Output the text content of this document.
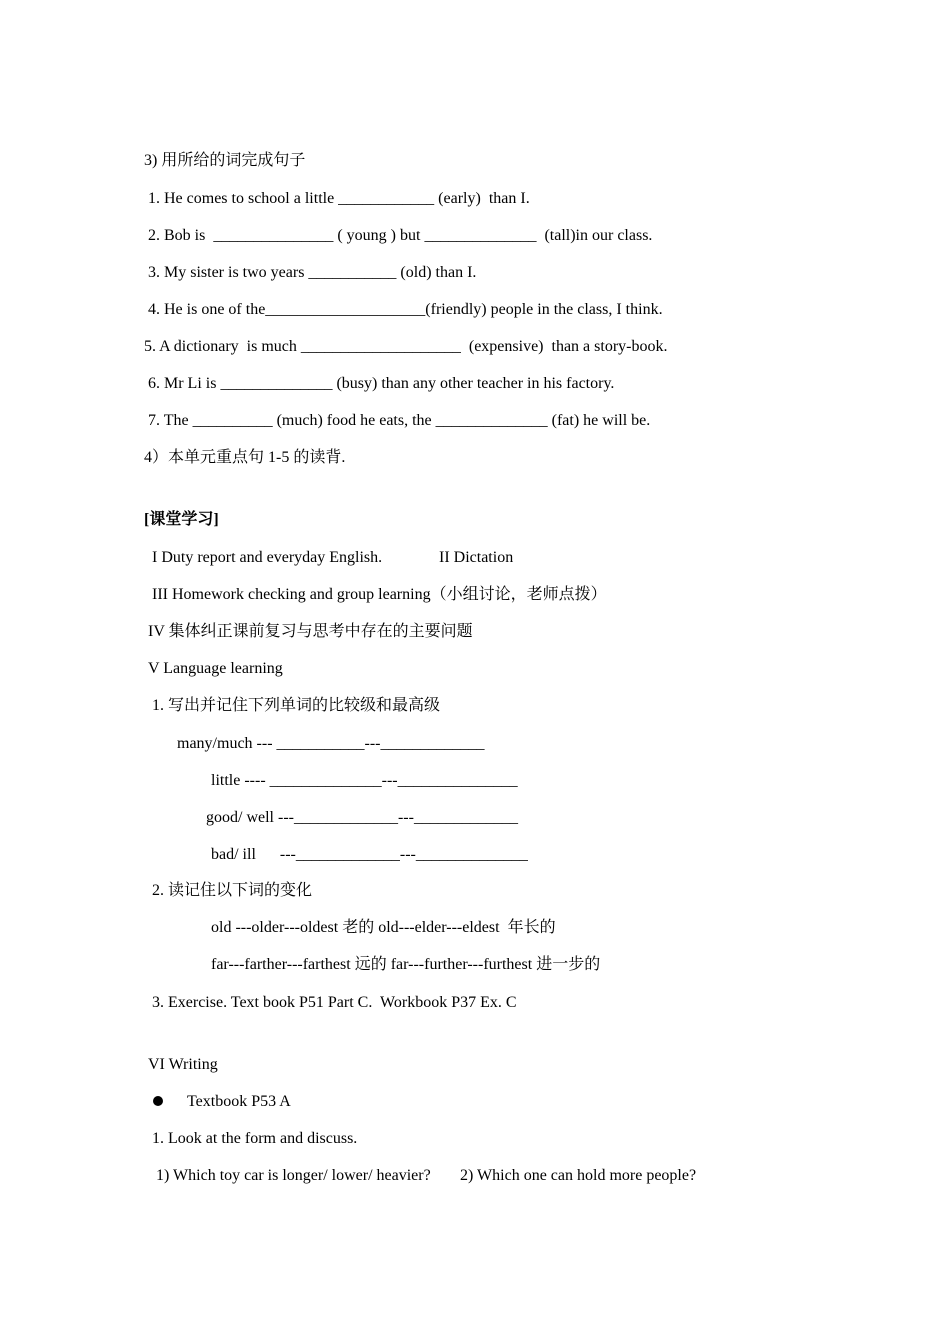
3) 用所给的词完成句子
1. He comes to school a little ____________ (early)  than I.
2. Bob is  _______________ ( young ) but ______________  (tall)in our class.
3. My sister is two years ___________ (old) than I.
4. He is one of the____________________(friendly) people in the class, I think.
5. A dictionary  is much ____________________  (expensive)  than a story-book.
6. Mr Li is ______________ (busy) than any other teacher in his factory.
7. The __________ (much) food he eats, the ______________ (fat) he will be.
4）本单元重点句 1-5 的读背.
[课堂学习]
I Duty report and everyday English.	II Dictation
III Homework checking and group learning（小组讨论，老师点拨）
IV 集体纠正课前复习与思考中存在的主要问题
V Language learning
1. 写出并记住下列单词的比较级和最高级
many/much --- ___________---_____________
little ---- ______________---_______________
good/ well ---_____________---_____________
bad/ ill      ---_____________---______________
2. 读记住以下词的变化
old ---older---oldest 老的 old---elder---eldest  年长的
far---farther---farthest 远的 far---further---furthest 进一步的
3. Exercise. Text book P51 Part C.  Workbook P37 Ex. C
VI Writing
Textbook P53 A
1. Look at the form and discuss.
1) Which toy car is longer/ lower/ heavier? 2) Which one can hold more people?
